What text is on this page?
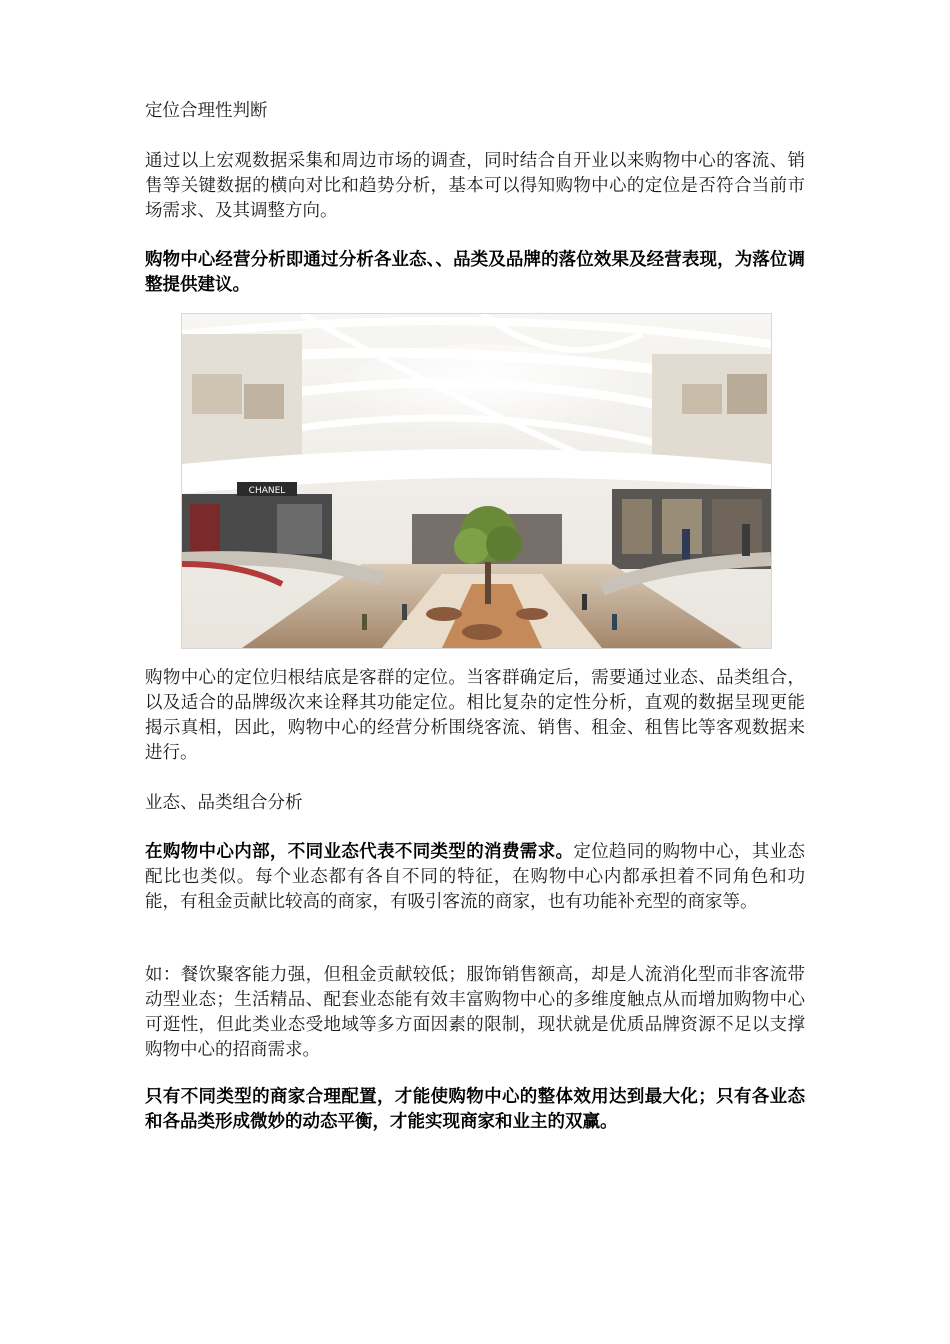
定位合理性判断

通过以上宏观数据采集和周边市场的调查，同时结合自开业以来购物中心的客流、销售等关键数据的横向对比和趋势分析，基本可以得知购物中心的定位是否符合当前市场需求、及其调整方向。

购物中心经营分析即通过分析各业态、、品类及品牌的落位效果及经营表现，为落位调整提供建议。

CHANEL

购物中心的定位归根结底是客群的定位。当客群确定后，需要通过业态、品类组合，以及适合的品牌级次来诠释其功能定位。相比复杂的定性分析，直观的数据呈现更能揭示真相，因此，购物中心的经营分析围绕客流、销售、租金、租售比等客观数据来进行。

业态、品类组合分析

在购物中心内部，不同业态代表不同类型的消费需求。定位趋同的购物中心，其业态配比也类似。每个业态都有各自不同的特征，在购物中心内都承担着不同角色和功能，有租金贡献比较高的商家，有吸引客流的商家，也有功能补充型的商家等。

如：餐饮聚客能力强，但租金贡献较低；服饰销售额高，却是人流消化型而非客流带动型业态；生活精品、配套业态能有效丰富购物中心的多维度触点从而增加购物中心可逛性，但此类业态受地域等多方面因素的限制，现状就是优质品牌资源不足以支撑购物中心的招商需求。

只有不同类型的商家合理配置，才能使购物中心的整体效用达到最大化；只有各业态和各品类形成微妙的动态平衡，才能实现商家和业主的双赢。
